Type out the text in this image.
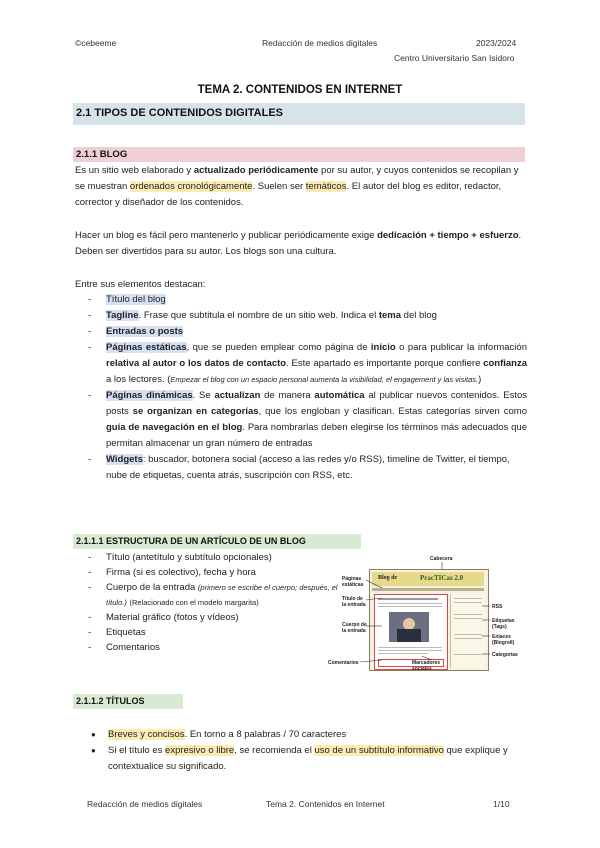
©cebeeme	Redacción de medios digitales	2023/2024
Centro Universitario San Isidoro
TEMA 2. CONTENIDOS EN INTERNET
2.1 TIPOS DE CONTENIDOS DIGITALES
2.1.1 BLOG
Es un sitio web elaborado y actualizado periódicamente por su autor, y cuyos contenidos se recopilan y se muestran ordenados cronológicamente. Suelen ser temáticos. El autor del blog es editor, redactor, corrector y diseñador de los contenidos.
Hacer un blog es fácil pero mantenerlo y publicar periódicamente exige dedicación + tiempo + esfuerzo. Deben ser divertidos para su autor. Los blogs son una cultura.
Entre sus elementos destacan:
- Título del blog
- Tagline. Frase que subtitula el nombre de un sitio web. Indica el tema del blog
- Entradas o posts
- Páginas estáticas, que se pueden emplear como página de inicio o para publicar la información relativa al autor o los datos de contacto. Este apartado es importante porque confiere confianza a los lectores. (Empezar el blog con un espacio personal aumenta la visibilidad, el engagement y las visitas.)
- Páginas dinámicas. Se actualizan de manera automática al publicar nuevos contenidos. Estos posts se organizan en categorías, que los engloban y clasifican. Estas categorías sirven como guía de navegación en el blog. Para nombrarlas deben elegirse los términos más adecuados que permitan almacenar un gran número de entradas
- Widgets: buscador, botonera social (acceso a las redes y/o RSS), timeline de Twitter, el tiempo, nube de etiquetas, cuenta atrás, suscripción con RSS, etc.
2.1.1.1 ESTRUCTURA DE UN ARTÍCULO DE UN BLOG
- Título (antetítulo y subtítulo opcionales)
- Firma (si es colectivo), fecha y hora
- Cuerpo de la entrada (primero se escribe el cuerpo; después, el título.) (Relacionado con el modelo margarita)
- Material gráfico (fotos y vídeos)
- Etiquetas
- Comentarios
Blog de	PracTICas 2.0
Cabecera
Páginas estáticas
Título de la entrada
Cuerpo de la entrada
Comentarios	Marcadores sociales
RSS
Etiquetas (Tags)
Enlaces (Blogroll)
Categorías
2.1.1.2 TÍTULOS
● Breves y concisos. En torno a 8 palabras / 70 caracteres
● Si el título es expresivo o libre, se recomienda el uso de un subtítulo informativo que explique y contextualice su significado.
Redacción de medios digitales	Tema 2. Contenidos en Internet	1/10
